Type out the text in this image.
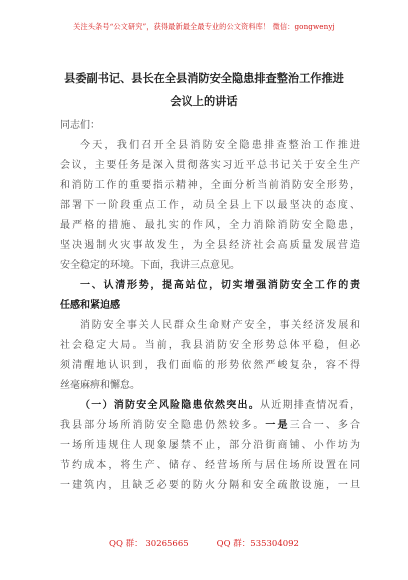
关注头条号“公文研究”，获得最新最全最专业的公文资料库！ 微信：gongwenyj
县委副书记、县长在全县消防安全隐患排查整治工作推进
会议上的讲话
同志们：
今天，我们召开全县消防安全隐患排查整治工作推进
会议，主要任务是深入贯彻落实习近平总书记关于安全生产
和消防工作的重要指示精神，全面分析当前消防安全形势，
部署下一阶段重点工作，动员全县上下以最坚决的态度、
最严格的措施、最扎实的作风，全力消除消防安全隐患，
坚决遏制火灾事故发生，为全县经济社会高质量发展营造
安全稳定的环境。下面，我讲三点意见。
一、认清形势，提高站位，切实增强消防安全工作的责
任感和紧迫感
消防安全事关人民群众生命财产安全，事关经济发展和
社会稳定大局。当前，我县消防安全形势总体平稳，但必
须清醒地认识到，我们面临的形势依然严峻复杂，容不得
丝毫麻痹和懈怠。
（一）消防安全风险隐患依然突出。从近期排查情况看，
我县部分场所消防安全隐患仍然较多。一是三合一、多合
一场所违规住人现象屡禁不止，部分沿街商铺、小作坊为
节约成本，将生产、储存、经营场所与居住场所设置在同
一建筑内，且缺乏必要的防火分隔和安全疏散设施，一旦
QQ 群： 30265665	QQ 群：535304092
